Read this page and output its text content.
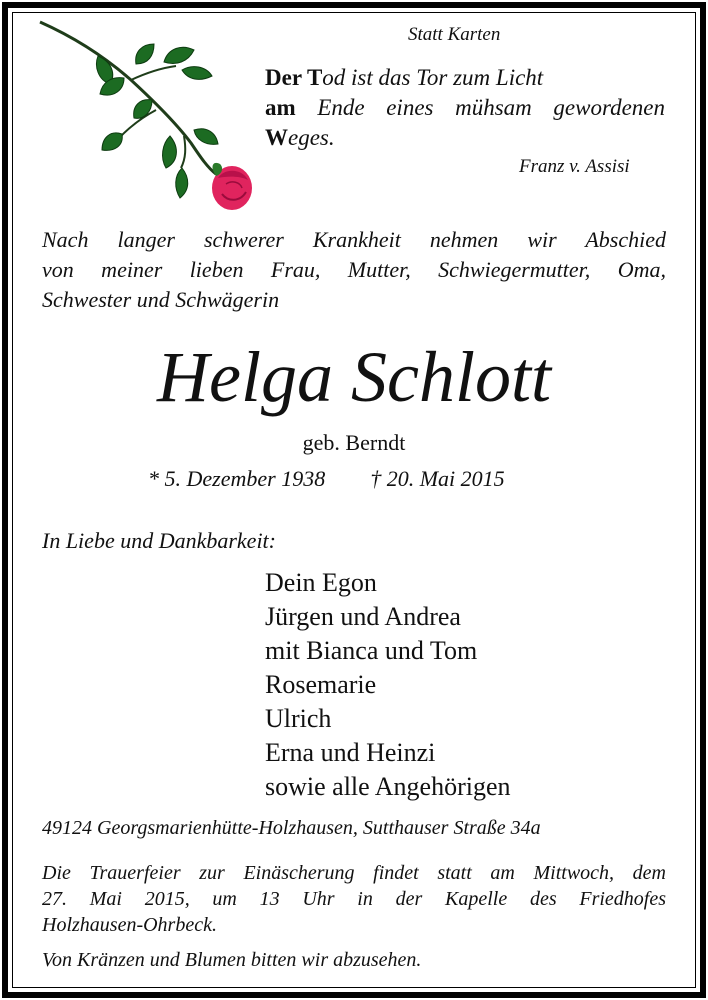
Statt Karten
Der Tod ist das Tor zum Licht
am Ende eines mühsam gewordenen
Weges.
Franz v. Assisi
Nach langer schwerer Krankheit nehmen wir Abschied
von meiner lieben Frau, Mutter, Schwiegermutter, Oma,
Schwester und Schwägerin
Helga Schlott
geb. Berndt
* 5. Dezember 1938 † 20. Mai 2015
In Liebe und Dankbarkeit:
Dein Egon
Jürgen und Andrea
mit Bianca und Tom
Rosemarie
Ulrich
Erna und Heinzi
sowie alle Angehörigen
49124 Georgsmarienhütte-Holzhausen, Sutthauser Straße 34a
Die Trauerfeier zur Einäscherung findet statt am Mittwoch, dem
27. Mai 2015, um 13 Uhr in der Kapelle des Friedhofes
Holzhausen-Ohrbeck.
Von Kränzen und Blumen bitten wir abzusehen.
